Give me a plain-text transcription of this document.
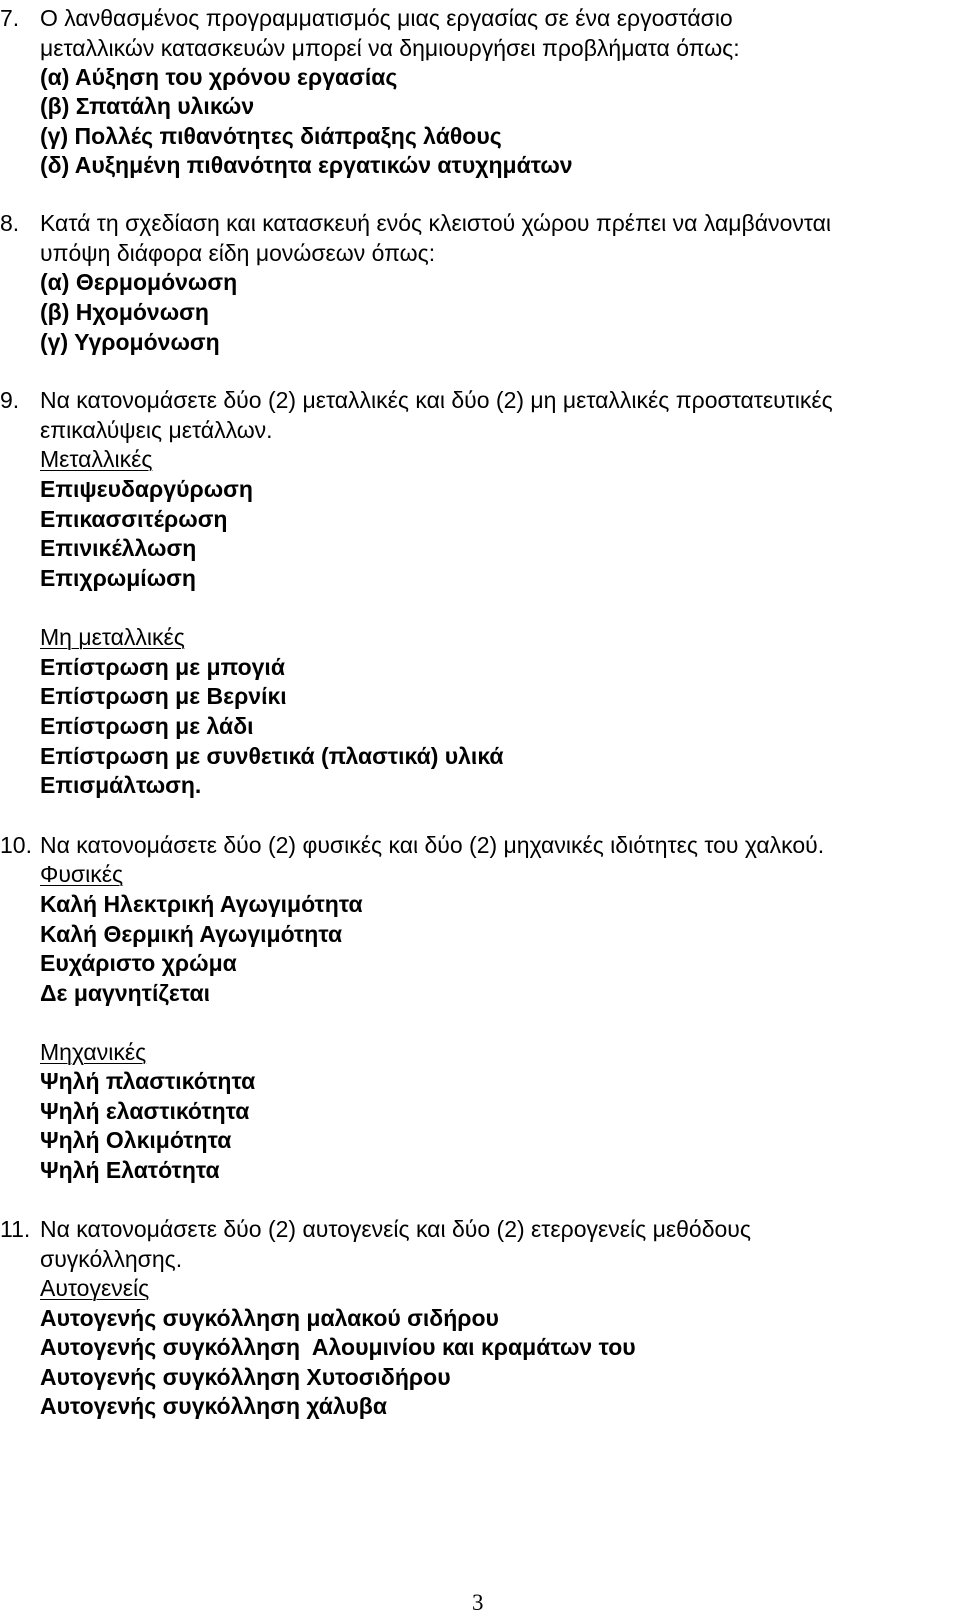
7. Ο λανθασμένος προγραμματισμός μιας εργασίας σε ένα εργοστάσιο
μεταλλικών κατασκευών μπορεί να δημιουργήσει προβλήματα όπως:
(α) Αύξηση του χρόνου εργασίας
(β) Σπατάλη υλικών
(γ) Πολλές πιθανότητες διάπραξης λάθους
(δ) Αυξημένη πιθανότητα εργατικών ατυχημάτων
8. Κατά τη σχεδίαση και κατασκευή ενός κλειστού χώρου πρέπει να λαμβάνονται
υπόψη διάφορα είδη μονώσεων όπως:
(α) Θερμομόνωση
(β) Ηχομόνωση
(γ) Υγρομόνωση
9. Να κατονομάσετε δύο (2) μεταλλικές και δύο (2) μη μεταλλικές προστατευτικές
επικαλύψεις μετάλλων.
Μεταλλικές
Επιψευδαργύρωση
Επικασσιτέρωση
Επινικέλλωση
Επιχρωμίωση
Μη μεταλλικές
Επίστρωση με μπογιά
Επίστρωση με Βερνίκι
Επίστρωση με λάδι
Επίστρωση με συνθετικά (πλαστικά) υλικά
Επισμάλτωση.
10. Να κατονομάσετε δύο (2) φυσικές και δύο (2) μηχανικές ιδιότητες του χαλκού.
Φυσικές
Καλή Ηλεκτρική Αγωγιμότητα
Καλή Θερμική Αγωγιμότητα
Ευχάριστο χρώμα
Δε μαγνητίζεται
Μηχανικές
Ψηλή πλαστικότητα
Ψηλή ελαστικότητα
Ψηλή Ολκιμότητα
Ψηλή Ελατότητα
11. Να κατονομάσετε δύο (2) αυτογενείς και δύο (2) ετερογενείς μεθόδους
συγκόλλησης.
Αυτογενείς
Αυτογενής συγκόλληση μαλακού σιδήρου
Αυτογενής συγκόλληση  Αλουμινίου και κραμάτων του
Αυτογενής συγκόλληση Χυτοσιδήρου
Αυτογενής συγκόλληση χάλυβα
3
